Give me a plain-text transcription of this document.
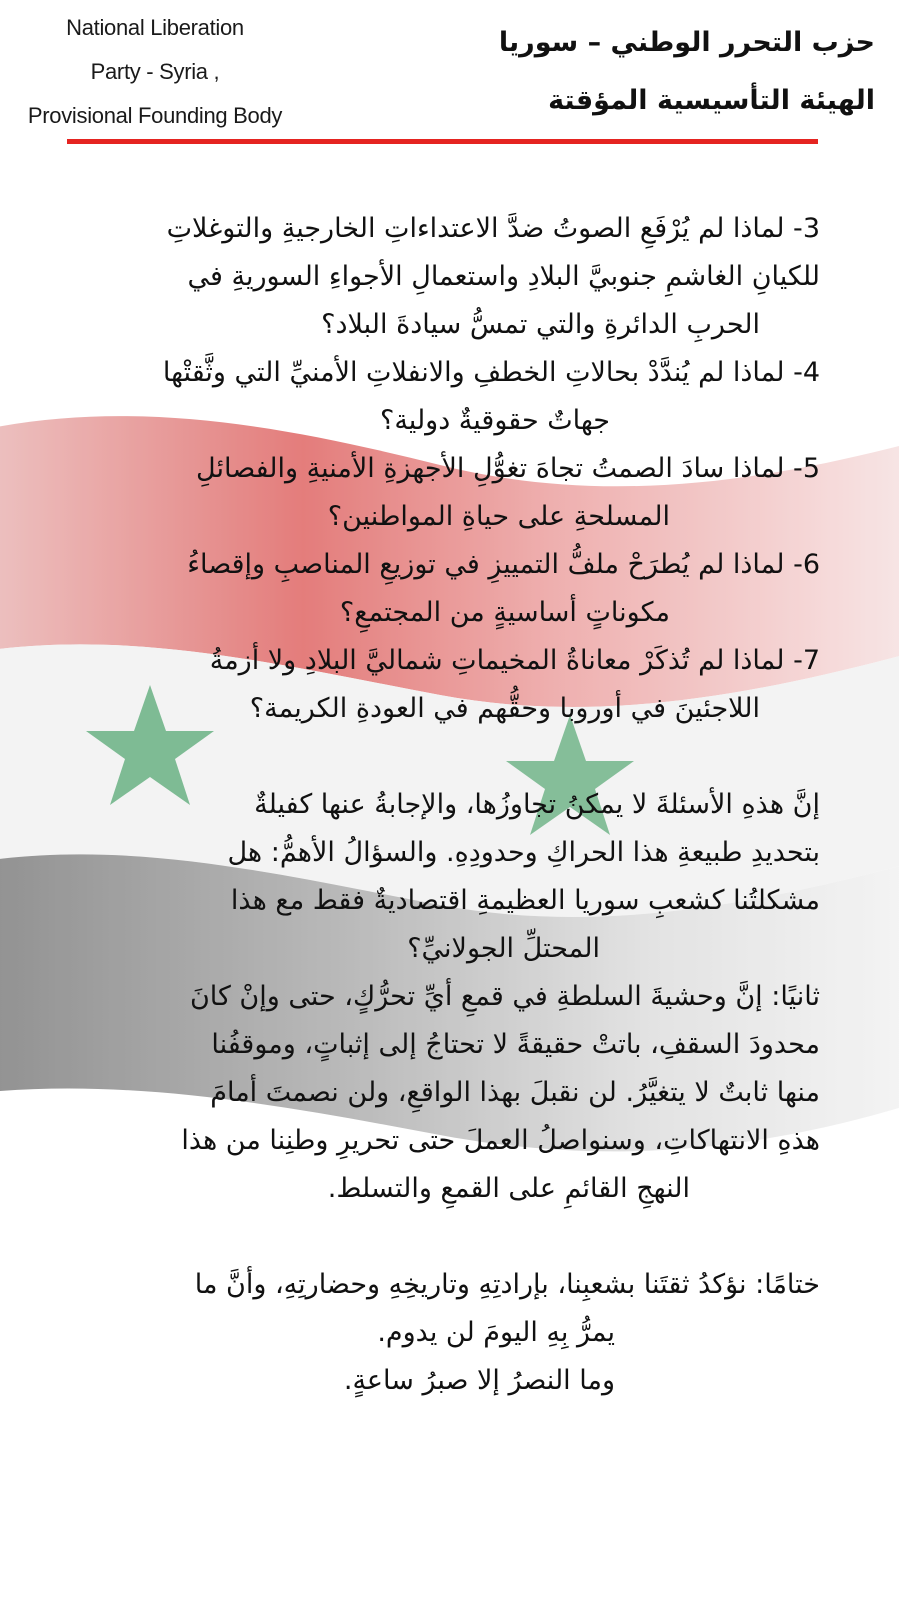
National Liberation
Party - Syria ,
Provisional Founding Body
حزب التحرر الوطني – سوريا
الهيئة التأسيسية المؤقتة

3- لماذا لم يُرْفَعِ الصوتُ ضدَّ الاعتداءاتِ الخارجيةِ والتوغلاتِ
للكيانِ الغاشمِ جنوبيَّ البلادِ واستعمالِ الأجواءِ السوريةِ في

الحربِ الدائرةِ والتي تمسُّ سيادةَ البلاد؟

4- لماذا لم يُندَّدْ بحالاتِ الخطفِ والانفلاتِ الأمنيِّ التي وثَّقتْها
جهاتٌ حقوقيةٌ دولية؟

5- لماذا سادَ الصمتُ تجاهَ تغوُّلِ الأجهزةِ الأمنيةِ والفصائلِ
المسلحةِ على حياةِ المواطنين؟

6- لماذا لم يُطرَحْ ملفُّ التمييزِ في توزيعِ المناصبِ وإقصاءُ
مكوناتٍ أساسيةٍ من المجتمعِ؟

7- لماذا لم تُذكَرْ معاناةُ المخيماتِ شماليَّ البلادِ ولا أزمةُ
اللاجئينَ في أوروبا وحقُّهم في العودةِ الكريمة؟

إنَّ هذهِ الأسئلةَ لا يمكنُ تجاوزُها، والإجابةُ عنها كفيلةٌ
بتحديدِ طبيعةِ هذا الحراكِ وحدودِهِ. والسؤالُ الأهمُّ: هل
مشكلتُنا كشعبِ سوريا العظيمةِ اقتصاديةٌ فقط مع هذا
المحتلِّ الجولانيِّ؟

ثانيًا: إنَّ وحشيةَ السلطةِ في قمعِ أيِّ تحرُّكٍ، حتى وإنْ كانَ
محدودَ السقفِ، باتتْ حقيقةً لا تحتاجُ إلى إثباتٍ، وموقفُنا
منها ثابتٌ لا يتغيَّرُ. لن نقبلَ بهذا الواقعِ، ولن نصمتَ أمامَ
هذهِ الانتهاكاتِ، وسنواصلُ العملَ حتى تحريرِ وطنِنا من هذا
النهجِ القائمِ على القمعِ والتسلط.

ختامًا: نؤكدُ ثقتَنا بشعبِنا، بإرادتِهِ وتاريخِهِ وحضارتِهِ، وأنَّ ما

يمرُّ بِهِ اليومَ لن يدوم.
وما النصرُ إلا صبرُ ساعةٍ.
